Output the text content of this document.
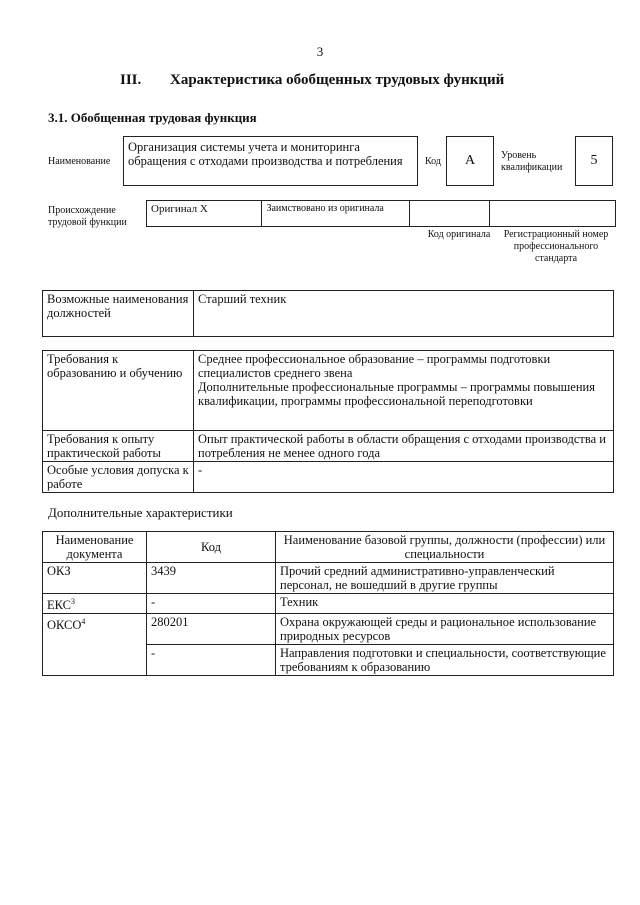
3
III. Характеристика обобщенных трудовых функций
3.1. Обобщенная трудовая функция
Наименование
Организация системы учета и мониторинга обращения с отходами производства и потребления	Код	A	Уровень квалификации	5
Происхождение трудовой функции
Оригинал X	Заимствовано из оригинала		
Код оригинала	Регистрационный номер профессионального стандарта
Возможные наименования должностей	Старший техник
Требования к образованию и обучению	Среднее профессиональное образование – программы подготовки специалистов среднего звена
Дополнительные профессиональные программы – программы повышения квалификации, программы профессиональной переподготовки
Требования к опыту практической работы	Опыт практической работы в области обращения с отходами производства и потребления не менее одного года
Особые условия допуска к работе	-
Дополнительные характеристики
Наименование документа	Код	Наименование базовой группы, должности (профессии) или специальности
ОКЗ	3439	Прочий средний административно-управленческий персонал, не вошедший в другие группы
ЕКС$^3$	-	Техник
ОКСО$^4$	280201	Охрана окружающей среды и рациональное использование природных ресурсов
	-	Направления подготовки и специальности, соответствующие требованиям к образованию
